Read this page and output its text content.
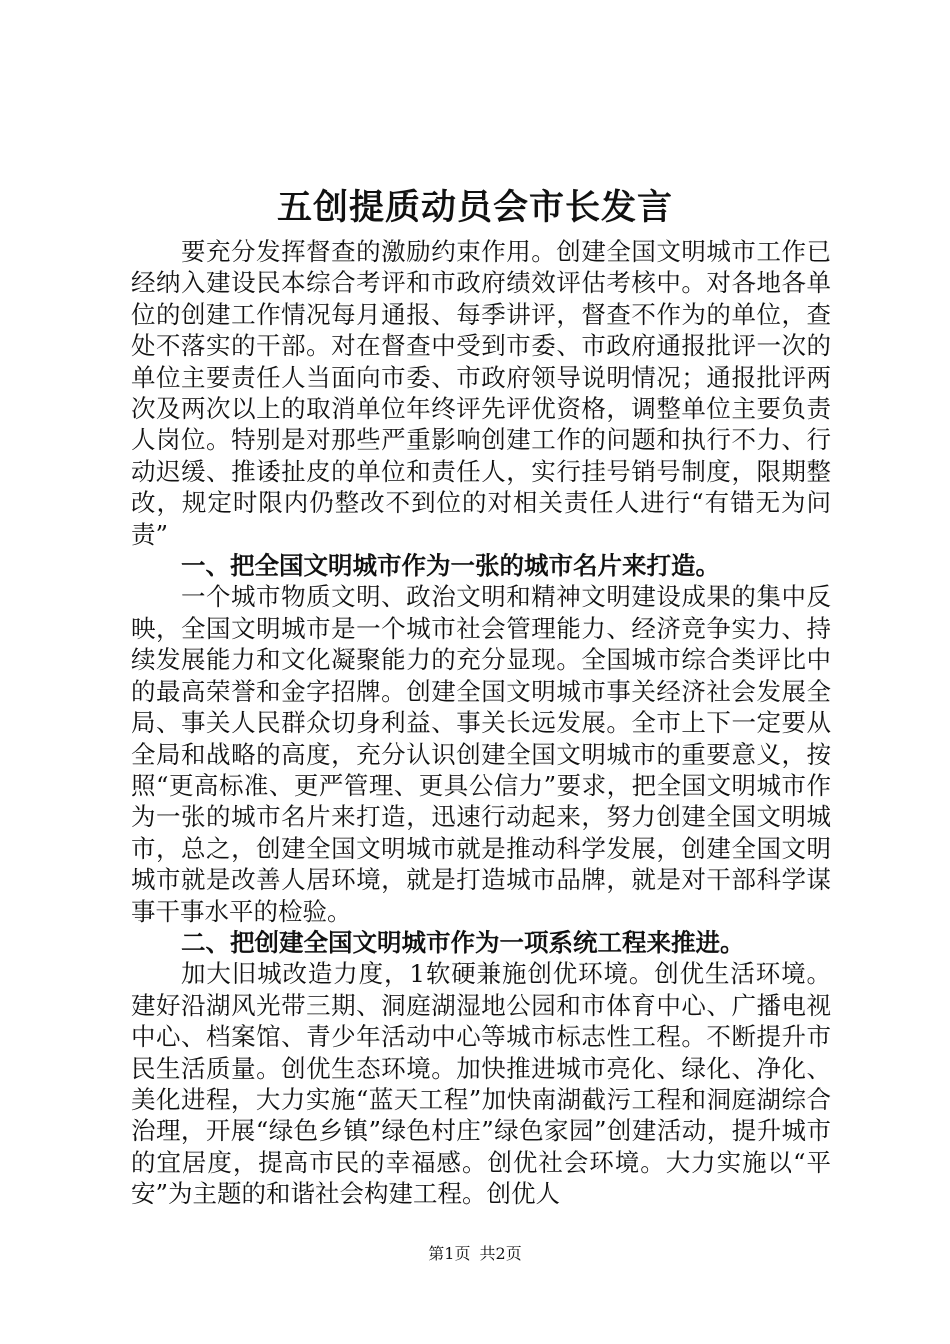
五创提质动员会市长发言

要充分发挥督查的激励约束作用。创建全国文明城市工作已经纳入建设民本综合考评和市政府绩效评估考核中。对各地各单位的创建工作情况每月通报、每季讲评，督查不作为的单位，查处不落实的干部。对在督查中受到市委、市政府通报批评一次的单位主要责任人当面向市委、市政府领导说明情况；通报批评两次及两次以上的取消单位年终评先评优资格，调整单位主要负责人岗位。特别是对那些严重影响创建工作的问题和执行不力、行动迟缓、推诿扯皮的单位和责任人，实行挂号销号制度，限期整改，规定时限内仍整改不到位的对相关责任人进行“有错无为问责”

一、把全国文明城市作为一张的城市名片来打造。

一个城市物质文明、政治文明和精神文明建设成果的集中反映，全国文明城市是一个城市社会管理能力、经济竞争实力、持续发展能力和文化凝聚能力的充分显现。全国城市综合类评比中的最高荣誉和金字招牌。创建全国文明城市事关经济社会发展全局、事关人民群众切身利益、事关长远发展。全市上下一定要从全局和战略的高度，充分认识创建全国文明城市的重要意义，按照“更高标准、更严管理、更具公信力”要求，把全国文明城市作为一张的城市名片来打造，迅速行动起来，努力创建全国文明城市，总之，创建全国文明城市就是推动科学发展，创建全国文明城市就是改善人居环境，就是打造城市品牌，就是对干部科学谋事干事水平的检验。

二、把创建全国文明城市作为一项系统工程来推进。

加大旧城改造力度，1软硬兼施创优环境。创优生活环境。建好沿湖风光带三期、洞庭湖湿地公园和市体育中心、广播电视中心、档案馆、青少年活动中心等城市标志性工程。不断提升市民生活质量。创优生态环境。加快推进城市亮化、绿化、净化、美化进程，大力实施“蓝天工程”加快南湖截污工程和洞庭湖综合治理，开展“绿色乡镇”绿色村庄”绿色家园”创建活动，提升城市的宜居度，提高市民的幸福感。创优社会环境。大力实施以“平安”为主题的和谐社会构建工程。创优人

第1页 共2页
